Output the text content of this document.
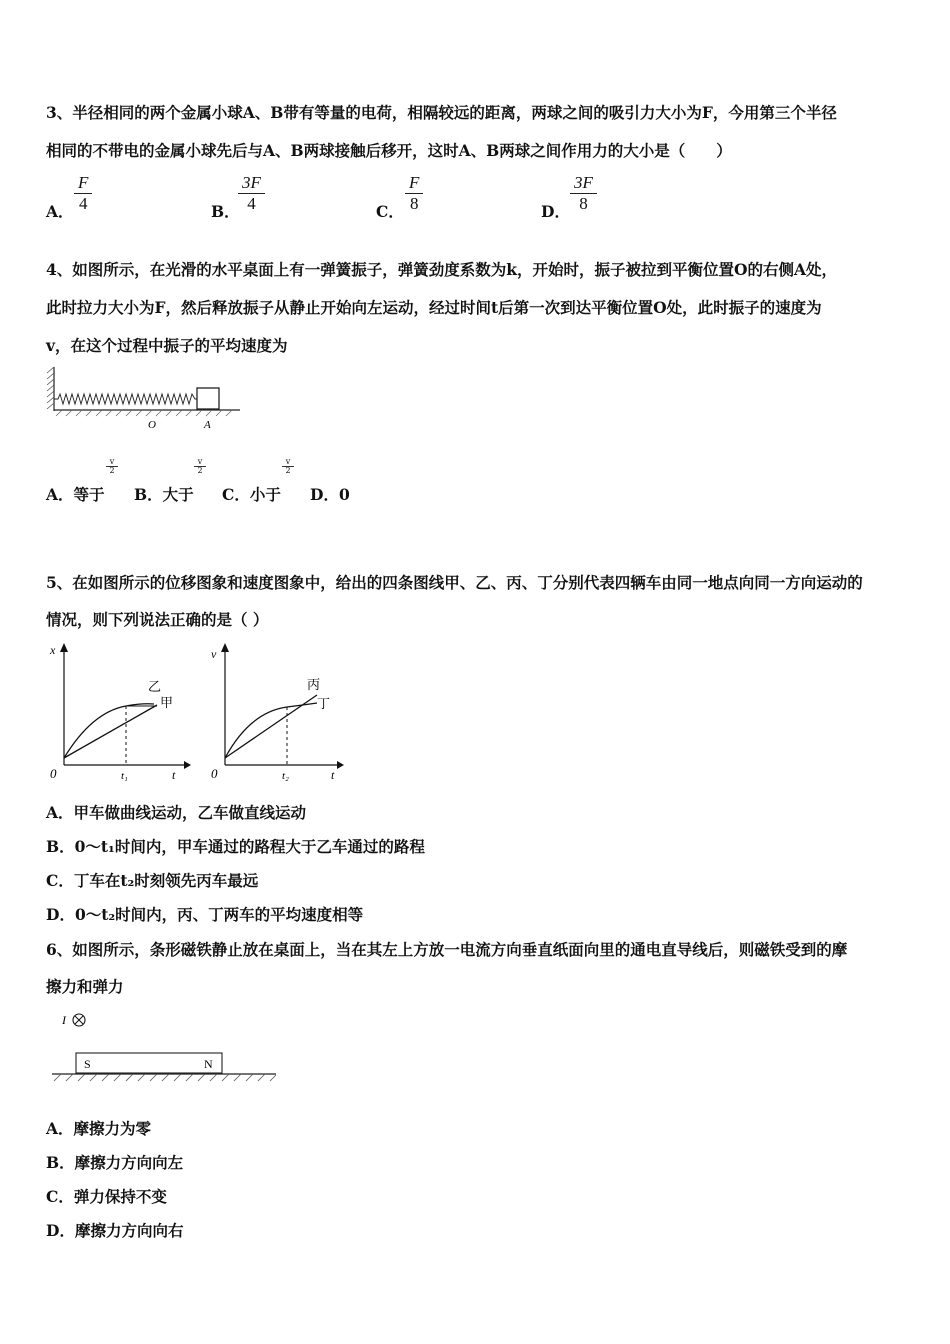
3、半径相同的两个金属小球A、B带有等量的电荷，相隔较远的距离，两球之间的吸引力大小为F，今用第三个半径
相同的不带电的金属小球先后与A、B两球接触后移开，这时A、B两球之间作用力的大小是（　　）
A． $\frac{F}{4}$	B．
$\frac{3F}{4}$	C． $\frac{F}{8}$	D． $\frac{3F}{8}$
4、如图所示，在光滑的水平桌面上有一弹簧振子，弹簧劲度系数为k，开始时，振子被拉到平衡位置O的右侧A处，
此时拉力大小为F，然后释放振子从静止开始向左运动，经过时间t后第一次到达平衡位置O处，此时振子的速度为
v，在这个过程中振子的平均速度为
O	A
A．等于
$\frac{v}{2}$
B．大于
$\frac{v}{2}$
C．小于
$\frac{v}{2}$
D．0
5、在如图所示的位移图象和速度图象中，给出的四条图线甲、乙、丙、丁分别代表四辆车由同一地点向同一方向运动的
情况，则下列说法正确的是（ ）
x
t
0	t₁
乙
甲
v
t
0	t₂
丙
丁
A．甲车做曲线运动，乙车做直线运动
B．0～t₁时间内，甲车通过的路程大于乙车通过的路程
C．丁车在t₂时刻领先丙车最远
D．0～t₂时间内，丙、丁两车的平均速度相等
6、如图所示，条形磁铁静止放在桌面上，当在其左上方放一电流方向垂直纸面向里的通电直导线后，则磁铁受到的摩
擦力和弹力
I
S	N
A．摩擦力为零
B．摩擦力方向向左
C．弹力保持不变
D．摩擦力方向向右
